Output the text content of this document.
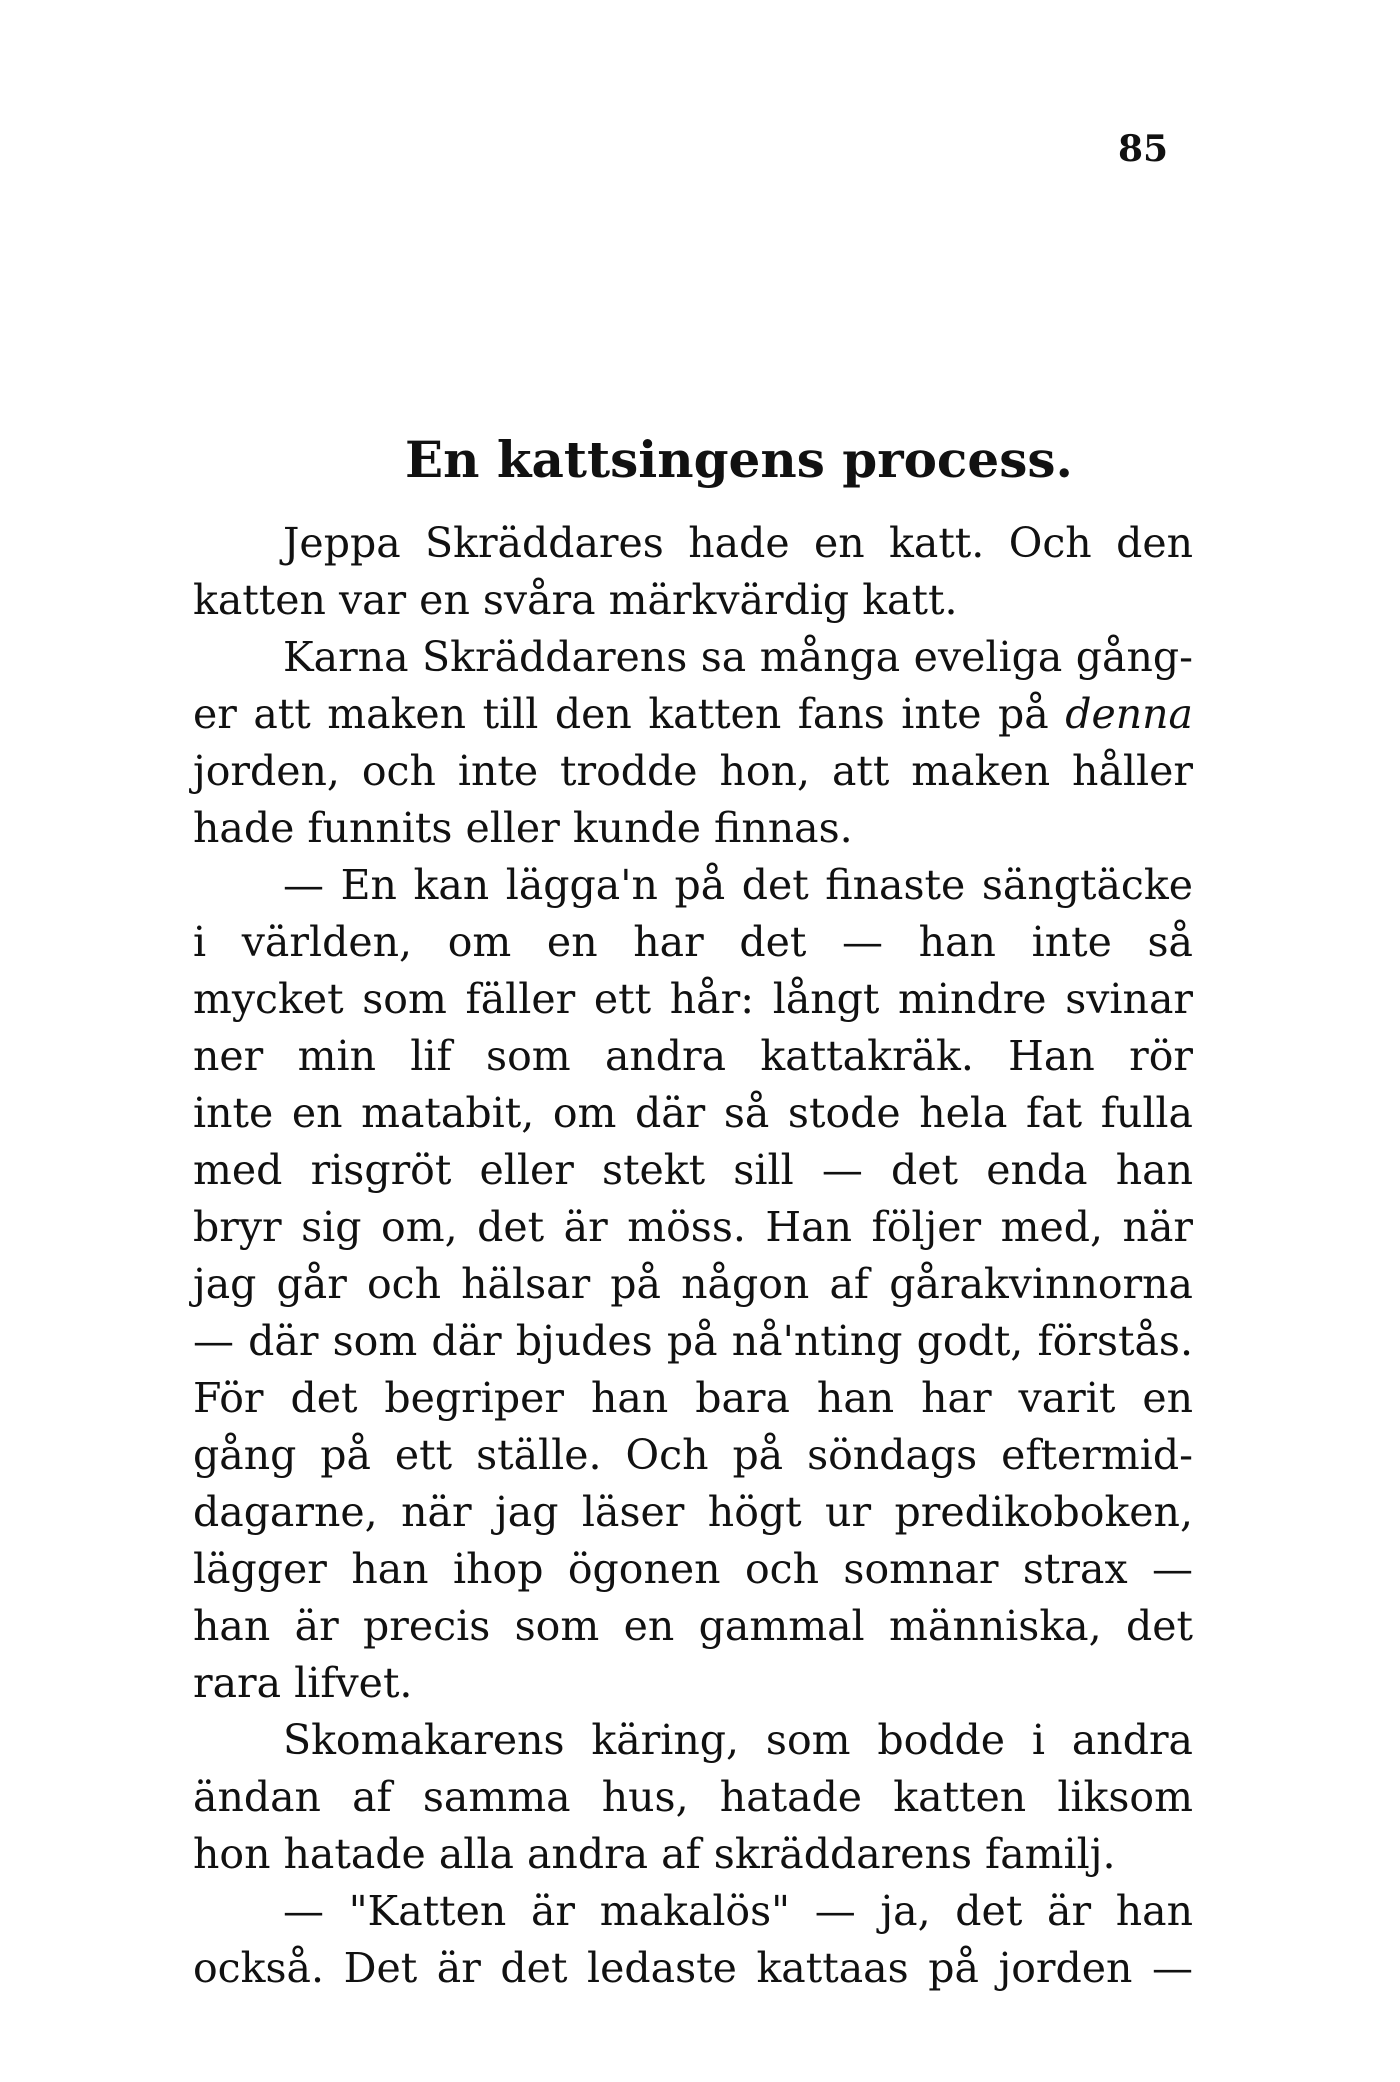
85

En kattsingens process.

Jeppa Skräddares hade en katt. Och den

katten var en svåra märkvärdig katt.

Karna Skräddarens sa många eveliga gång-

er att maken till den katten fans inte på denna

jorden, och inte trodde hon, att maken håller

hade funnits eller kunde finnas.

— En kan lägga'n på det finaste sängtäcke

i världen, om en har det — han inte så

mycket som fäller ett hår: långt mindre svinar

ner min lif som andra kattakräk. Han rör

inte en matabit, om där så stode hela fat fulla

med risgröt eller stekt sill — det enda han

bryr sig om, det är möss. Han följer med, när

jag går och hälsar på någon af gårakvinnorna

— där som där bjudes på nå'nting godt, förstås.

För det begriper han bara han har varit en

gång på ett ställe. Och på söndags eftermid-

dagarne, när jag läser högt ur predikoboken,

lägger han ihop ögonen och somnar strax —

han är precis som en gammal människa, det

rara lifvet.

Skomakarens käring, som bodde i andra

ändan af samma hus, hatade katten liksom

hon hatade alla andra af skräddarens familj.

— "Katten är makalös" — ja, det är han

också. Det är det ledaste kattaas på jorden —
